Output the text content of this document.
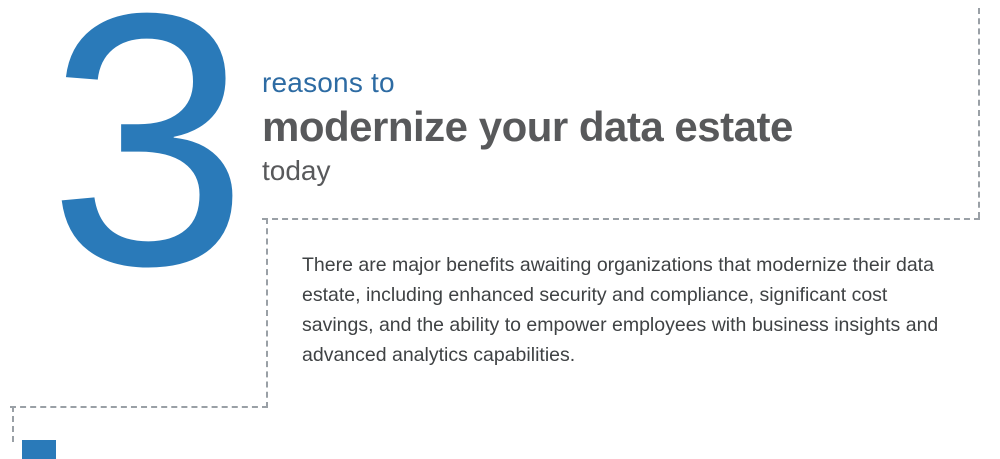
3 reasons to
modernize your data estate
today
There are major benefits awaiting organizations that modernize their data estate, including enhanced security and compliance, significant cost savings, and the ability to empower employees with business insights and advanced analytics capabilities.
